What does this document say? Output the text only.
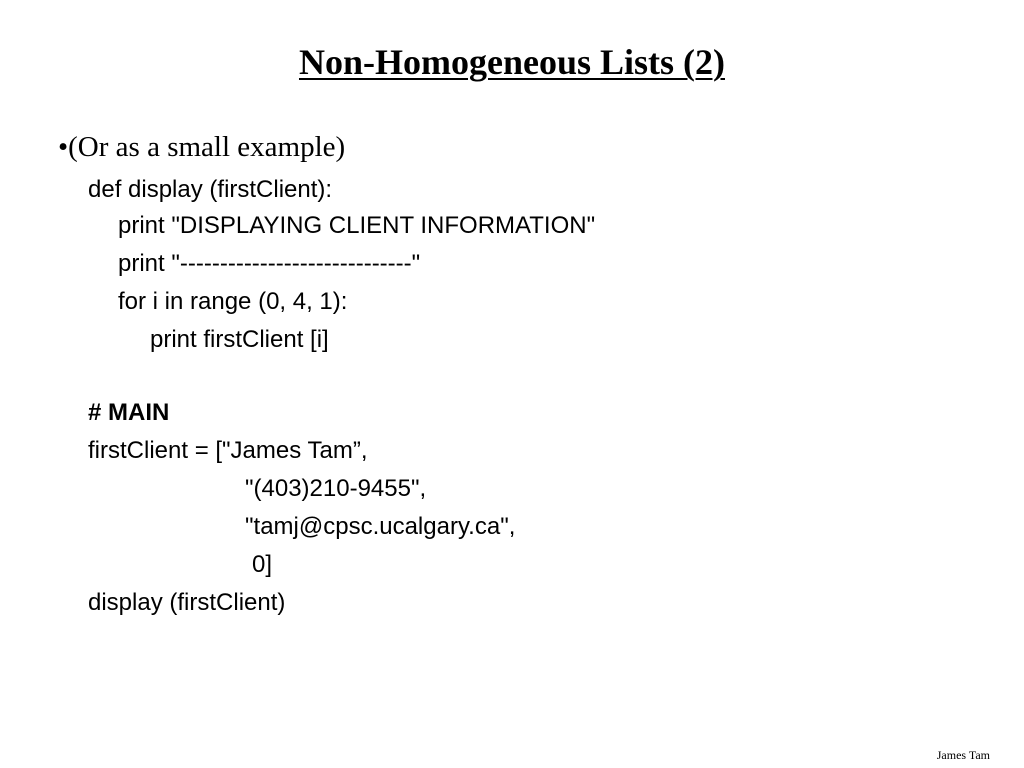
Non-Homogeneous Lists (2)
•(Or as a small example)
def display (firstClient):
print "DISPLAYING CLIENT INFORMATION"
print "-----------------------------"
for i in range (0, 4, 1):
print firstClient [i]
# MAIN
firstClient = ["James Tam”,
"(403)210-9455",
"tamj@cpsc.ucalgary.ca",
0]
display (firstClient)
James Tam
